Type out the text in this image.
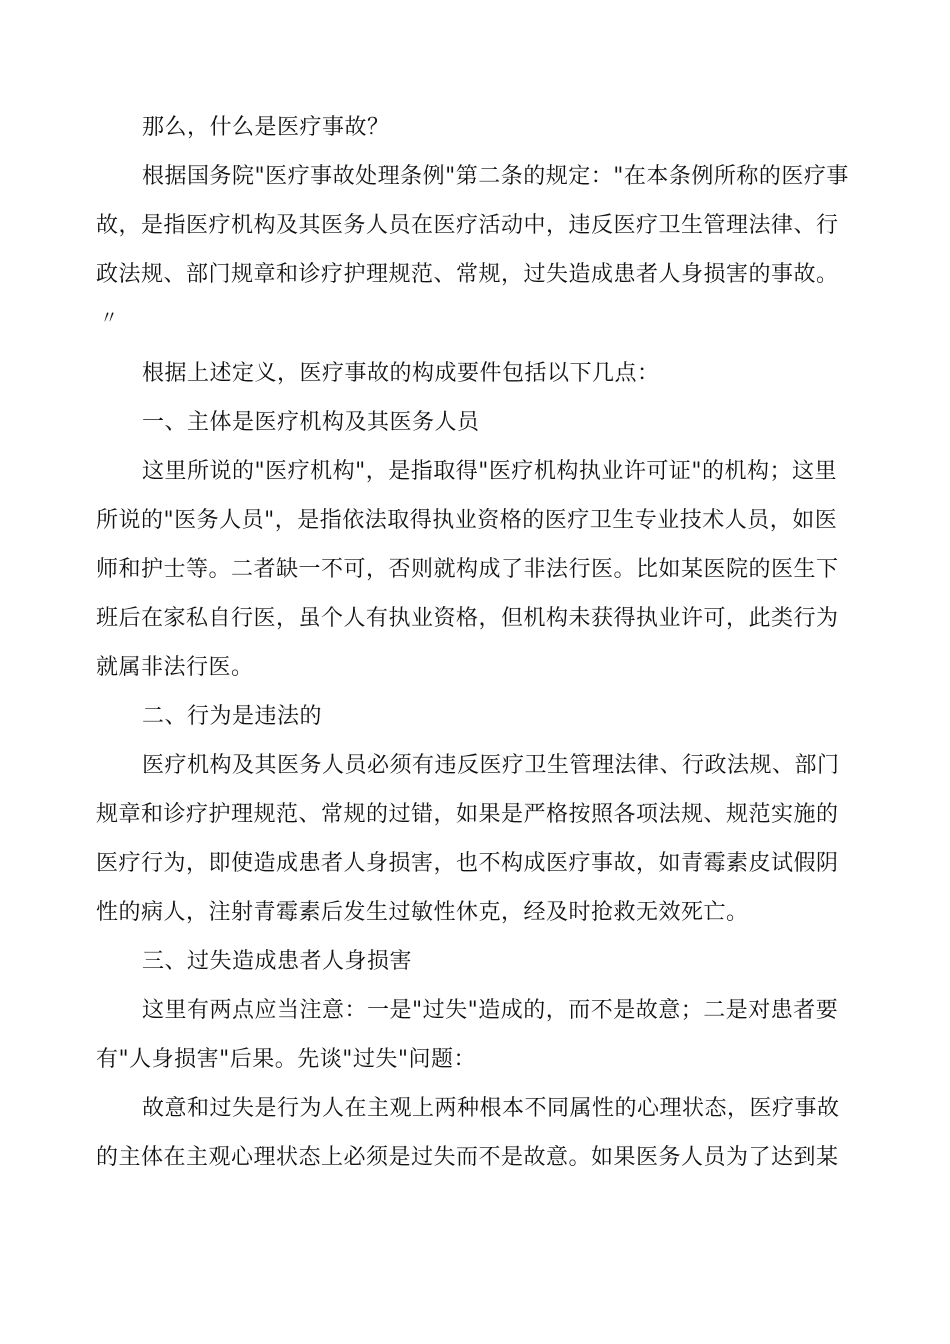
那么，什么是医疗事故？
根据国务院"医疗事故处理条例"第二条的规定："在本条例所称的医疗事
故，是指医疗机构及其医务人员在医疗活动中，违反医疗卫生管理法律、行
政法规、部门规章和诊疗护理规范、常规，过失造成患者人身损害的事故。
〃
根据上述定义，医疗事故的构成要件包括以下几点：
一、主体是医疗机构及其医务人员
这里所说的"医疗机构"，是指取得"医疗机构执业许可证"的机构；这里
所说的"医务人员"，是指依法取得执业资格的医疗卫生专业技术人员，如医
师和护士等。二者缺一不可，否则就构成了非法行医。比如某医院的医生下
班后在家私自行医，虽个人有执业资格，但机构未获得执业许可，此类行为
就属非法行医。
二、行为是违法的
医疗机构及其医务人员必须有违反医疗卫生管理法律、行政法规、部门
规章和诊疗护理规范、常规的过错，如果是严格按照各项法规、规范实施的
医疗行为，即使造成患者人身损害，也不构成医疗事故，如青霉素皮试假阴
性的病人，注射青霉素后发生过敏性休克，经及时抢救无效死亡。
三、过失造成患者人身损害
这里有两点应当注意：一是"过失"造成的，而不是故意；二是对患者要
有"人身损害"后果。先谈"过失"问题：
故意和过失是行为人在主观上两种根本不同属性的心理状态，医疗事故
的主体在主观心理状态上必须是过失而不是故意。如果医务人员为了达到某
